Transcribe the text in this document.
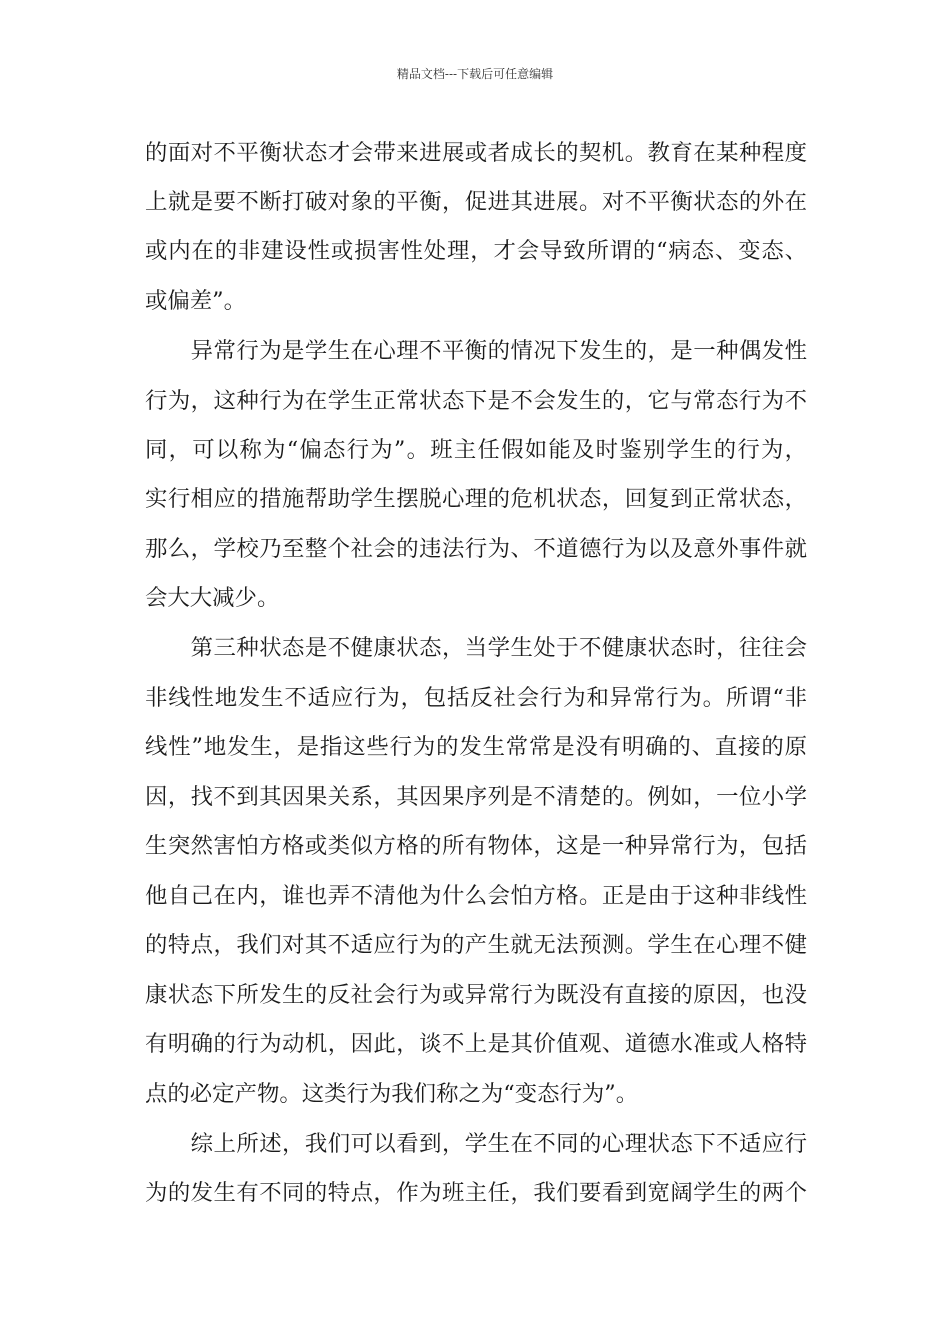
精品文档---下载后可任意编辑
的面对不平衡状态才会带来进展或者成长的契机。教育在某种程度
上就是要不断打破对象的平衡，促进其进展。对不平衡状态的外在
或内在的非建设性或损害性处理，才会导致所谓的“病态、变态、
或偏差”。
　　异常行为是学生在心理不平衡的情况下发生的，是一种偶发性
行为，这种行为在学生正常状态下是不会发生的，它与常态行为不
同，可以称为“偏态行为”。班主任假如能及时鉴别学生的行为，
实行相应的措施帮助学生摆脱心理的危机状态，回复到正常状态，
那么，学校乃至整个社会的违法行为、不道德行为以及意外事件就
会大大减少。
　　第三种状态是不健康状态，当学生处于不健康状态时，往往会
非线性地发生不适应行为，包括反社会行为和异常行为。所谓“非
线性”地发生，是指这些行为的发生常常是没有明确的、直接的原
因，找不到其因果关系，其因果序列是不清楚的。例如，一位小学
生突然害怕方格或类似方格的所有物体，这是一种异常行为，包括
他自己在内，谁也弄不清他为什么会怕方格。正是由于这种非线性
的特点，我们对其不适应行为的产生就无法预测。学生在心理不健
康状态下所发生的反社会行为或异常行为既没有直接的原因，也没
有明确的行为动机，因此，谈不上是其价值观、道德水准或人格特
点的必定产物。这类行为我们称之为“变态行为”。
　　综上所述，我们可以看到，学生在不同的心理状态下不适应行
为的发生有不同的特点，作为班主任，我们要看到宽阔学生的两个
